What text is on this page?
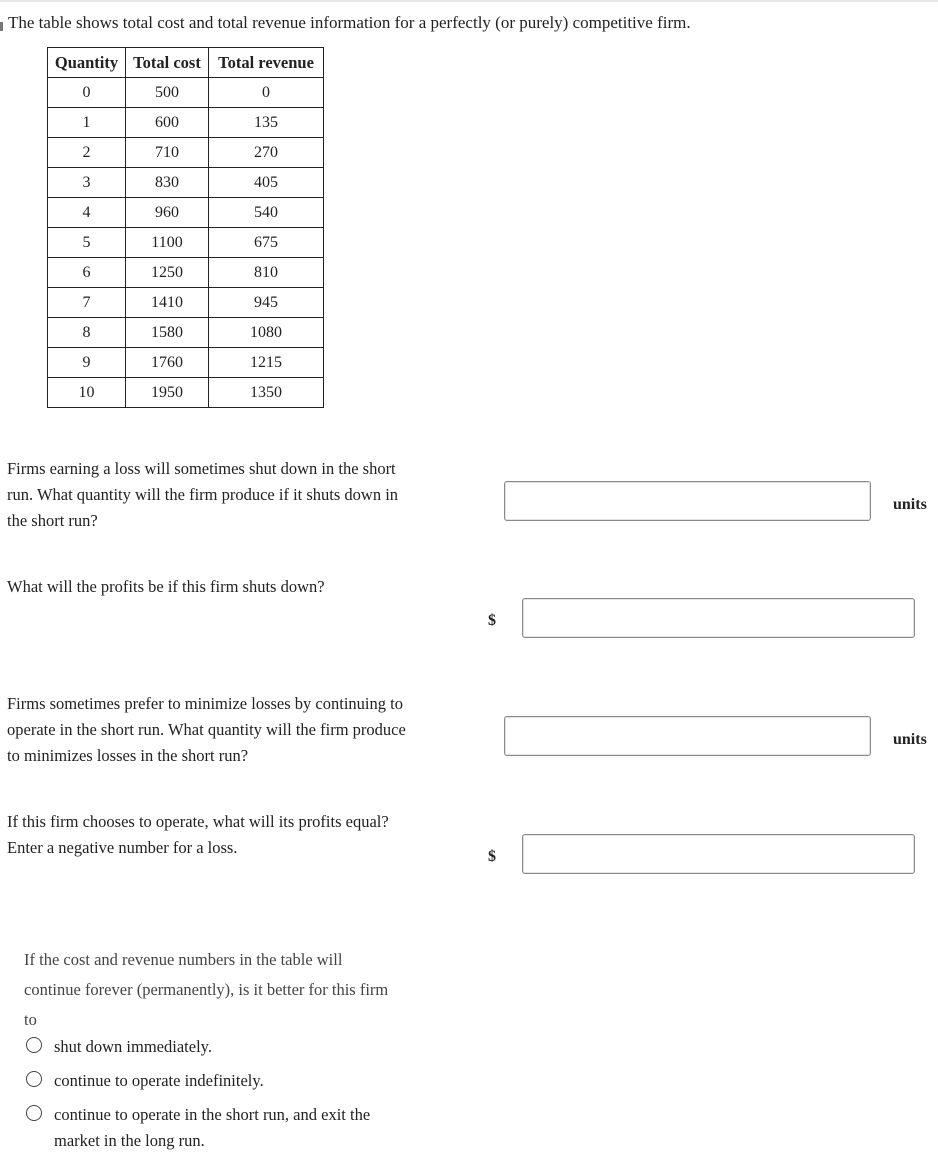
The table shows total cost and total revenue information for a perfectly (or purely) competitive firm.
Quantity	Total cost	Total revenue
0	500	0
1	600	135
2	710	270
3	830	405
4	960	540
5	1100	675
6	1250	810
7	1410	945
8	1580	1080
9	1760	1215
10	1950	1350
Firms earning a loss will sometimes shut down in the short
run. What quantity will the firm produce if it shuts down in
the short run?
units
What will the profits be if this firm shuts down?
$
Firms sometimes prefer to minimize losses by continuing to
operate in the short run. What quantity will the firm produce
to minimizes losses in the short run?
units
If this firm chooses to operate, what will its profits equal?
Enter a negative number for a loss.	$
If the cost and revenue numbers in the table will
continue forever (permanently), is it better for this firm
to
shut down immediately.
continue to operate indefinitely.
continue to operate in the short run, and exit the
market in the long run.
